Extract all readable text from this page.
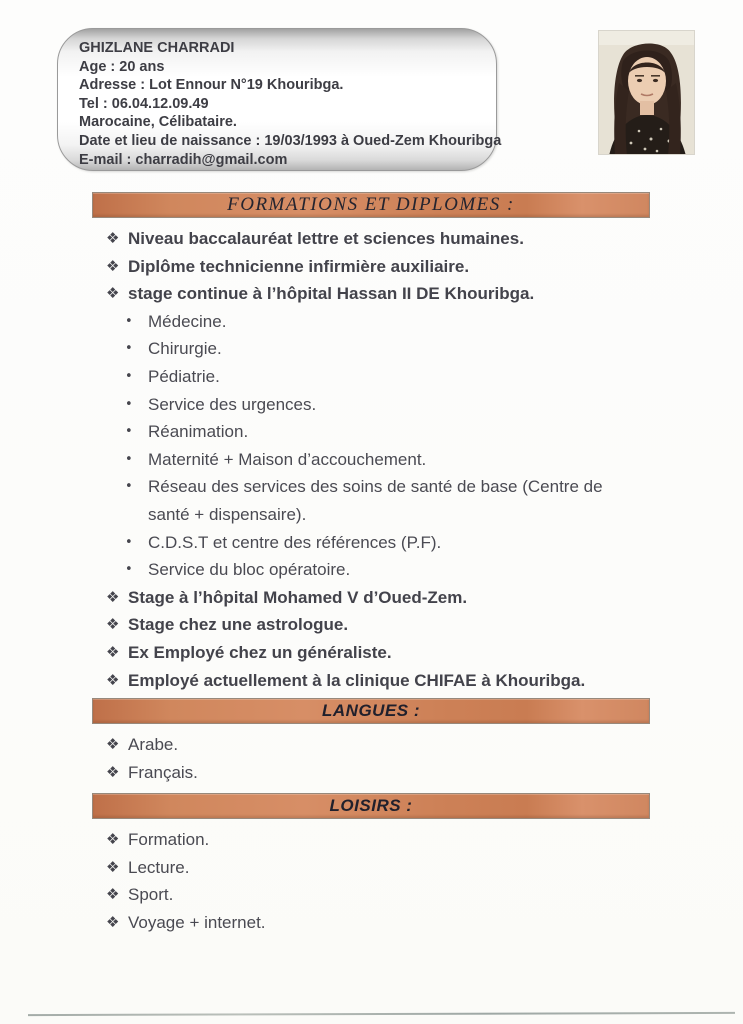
GHIZLANE CHARRADI
Age : 20 ans
Adresse : Lot Ennour N°19 Khouribga.
Tel : 06.04.12.09.49
Marocaine, Célibataire.
Date et lieu de naissance : 19/03/1993 à Oued-Zem Khouribga
E-mail : charradih@gmail.com
FORMATIONS ET DIPLOMES :
❖ Niveau baccalauréat lettre et sciences humaines.
❖ Diplôme technicienne infirmière auxiliaire.
❖ stage continue à l’hôpital Hassan II DE Khouribga.
• Médecine.
• Chirurgie.
• Pédiatrie.
• Service des urgences.
• Réanimation.
• Maternité + Maison d’accouchement.
• Réseau des services des soins de santé de base (Centre de santé + dispensaire).
• C.D.S.T et centre des références (P.F).
• Service du bloc opératoire.
❖ Stage à l’hôpital Mohamed V d’Oued-Zem.
❖ Stage chez une astrologue.
❖ Ex Employé chez un généraliste.
❖ Employé actuellement à la clinique CHIFAE à Khouribga.
LANGUES :
❖ Arabe.
❖ Français.
LOISIRS :
❖ Formation.
❖ Lecture.
❖ Sport.
❖ Voyage + internet.
